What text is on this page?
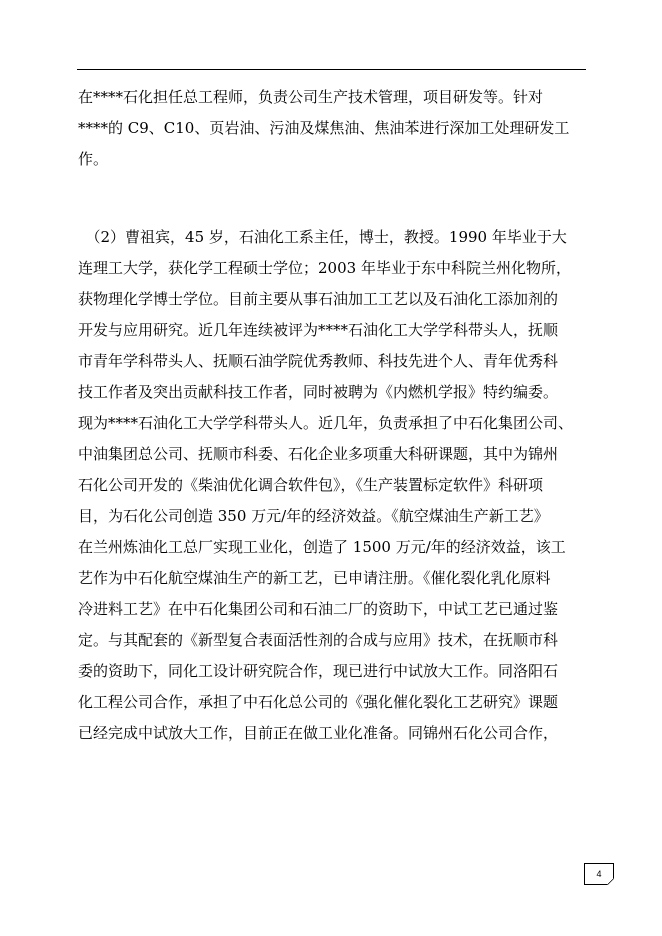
在****石化担任总工程师，负责公司生产技术管理，项目研发等。针对
****的 C9、C10、页岩油、污油及煤焦油、焦油苯进行深加工处理研发工
作。
　（2）曹祖宾，45 岁，石油化工系主任，博士，教授。1990 年毕业于大
连理工大学，获化学工程硕士学位；2003 年毕业于东中科院兰州化物所，
获物理化学博士学位。目前主要从事石油加工工艺以及石油化工添加剂的
开发与应用研究。近几年连续被评为****石油化工大学学科带头人，抚顺
市青年学科带头人、抚顺石油学院优秀教师、科技先进个人、青年优秀科
技工作者及突出贡献科技工作者，同时被聘为《内燃机学报》特约编委。
现为****石油化工大学学科带头人。近几年，负责承担了中石化集团公司、
中油集团总公司、抚顺市科委、石化企业多项重大科研课题，其中为锦州
石化公司开发的《柴油优化调合软件包》，《生产装置标定软件》科研项
目，为石化公司创造 350 万元/年的经济效益。《航空煤油生产新工艺》
在兰州炼油化工总厂实现工业化，创造了 1500 万元/年的经济效益，该工
艺作为中石化航空煤油生产的新工艺，已申请注册。《催化裂化乳化原料
冷进料工艺》在中石化集团公司和石油二厂的资助下，中试工艺已通过鉴
定。与其配套的《新型复合表面活性剂的合成与应用》技术，在抚顺市科
委的资助下，同化工设计研究院合作，现已进行中试放大工作。同洛阳石
化工程公司合作，承担了中石化总公司的《强化催化裂化工艺研究》课题
已经完成中试放大工作，目前正在做工业化准备。同锦州石化公司合作，
4
